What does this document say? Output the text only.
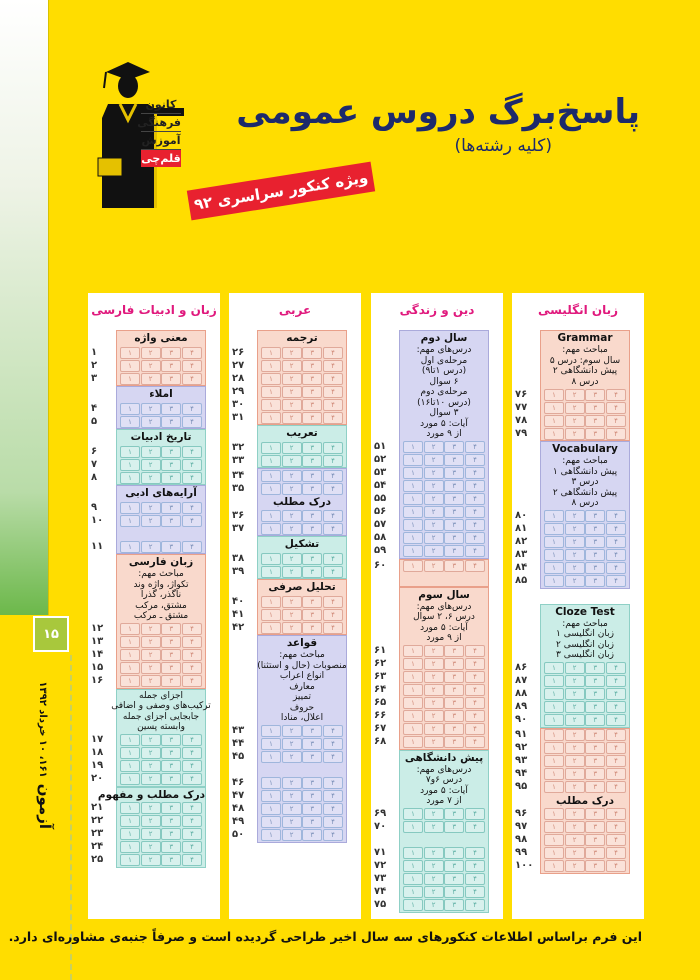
۱۵
آزمون۱۶۱، ۱۰ خرداد ۱۳۹۲
کانون
فرهنگی
آموزش
قلم‌چی
پاسخ‌برگ دروس عمومی
(کلیه رشته‌ها)
ویژه کنکور سراسری ۹۲
زبان و ادبیات فارسی
معنی واژه
۱	۱	۲	۳	۴
۲	۱	۲	۳	۴
۳	۱	۲	۳	۴
املاء
۴	۱	۲	۳	۴
۵	۱	۲	۳	۴
تاریخ ادبیات
۶	۱	۲	۳	۴
۷	۱	۲	۳	۴
۸	۱	۲	۳	۴
آرایه‌های ادبی
۹	۱	۲	۳	۴
۱۰	۱	۲	۳	۴
۱۱	۱	۲	۳	۴
زبان فارسی
مباحث مهم:
تکواژ، واژه وند
ناگذر، گذرا
مشتق، مرکب
مشتق ـ مرکب
۱۲	۱	۲	۳	۴
۱۳	۱	۲	۳	۴
۱۴	۱	۲	۳	۴
۱۵	۱	۲	۳	۴
۱۶	۱	۲	۳	۴
اجزای جمله
ترکیب‌های وصفی و اضافی
جابجایی اجزای جمله
وابسته پسین
۱۷	۱	۲	۳	۴
۱۸	۱	۲	۳	۴
۱۹	۱	۲	۳	۴
۲۰	۱	۲	۳	۴
درک مطلب و مفهوم
۲۱	۱	۲	۳	۴
۲۲	۱	۲	۳	۴
۲۳	۱	۲	۳	۴
۲۴	۱	۲	۳	۴
۲۵	۱	۲	۳	۴
عربی
ترجمه
۲۶	۱	۲	۳	۴
۲۷	۱	۲	۳	۴
۲۸	۱	۲	۳	۴
۲۹	۱	۲	۳	۴
۳۰	۱	۲	۳	۴
۳۱	۱	۲	۳	۴
تعریب
۳۲	۱	۲	۳	۴
۳۳	۱	۲	۳	۴
۳۴	۱	۲	۳	۴
۳۵	۱	۲	۳	۴
درک مطلب
۳۶	۱	۲	۳	۴
۳۷	۱	۲	۳	۴
تشکیل
۳۸	۱	۲	۳	۴
۳۹	۱	۲	۳	۴
تحلیل صرفی
۴۰	۱	۲	۳	۴
۴۱	۱	۲	۳	۴
۴۲	۱	۲	۳	۴
قواعد
مباحث مهم:
منصوبات (حال و استثنا)
انواع اعراب
معارف
تمییز
حروف
اعلال، منادا
۴۳	۱	۲	۳	۴
۴۴	۱	۲	۳	۴
۴۵	۱	۲	۳	۴
۴۶	۱	۲	۳	۴
۴۷	۱	۲	۳	۴
۴۸	۱	۲	۳	۴
۴۹	۱	۲	۳	۴
۵۰	۱	۲	۳	۴
دین و زندگی
سال دوم
درس‌های مهم:
مرحله‌ی اول
(درس ۱تا۹)
۶ سوال
مرحله‌ی دوم
(درس ۱۰تا۱۶)
۳ سوال
آیات: ۵ مورد
از ۹ مورد
۵۱	۱	۲	۳	۴
۵۲	۱	۲	۳	۴
۵۳	۱	۲	۳	۴
۵۴	۱	۲	۳	۴
۵۵	۱	۲	۳	۴
۵۶	۱	۲	۳	۴
۵۷	۱	۲	۳	۴
۵۸	۱	۲	۳	۴
۵۹	۱	۲	۳	۴
۶۰	۱	۲	۳	۴
سال سوم
درس‌های مهم:
درس ۶، ۲ سوال
آیات: ۵ مورد
از ۹ مورد
۶۱	۱	۲	۳	۴
۶۲	۱	۲	۳	۴
۶۳	۱	۲	۳	۴
۶۴	۱	۲	۳	۴
۶۵	۱	۲	۳	۴
۶۶	۱	۲	۳	۴
۶۷	۱	۲	۳	۴
۶۸	۱	۲	۳	۴
پیش دانشگاهی
درس‌های مهم:
درس ۶و۷
آیات: ۵ مورد
از ۷ مورد
۶۹	۱	۲	۳	۴
۷۰	۱	۲	۳	۴
۷۱	۱	۲	۳	۴
۷۲	۱	۲	۳	۴
۷۳	۱	۲	۳	۴
۷۴	۱	۲	۳	۴
۷۵	۱	۲	۳	۴
زبان انگلیسی
Grammar
مباحث مهم:
سال سوم: درس ۵
پیش دانشگاهی ۲
درس ۸
۷۶	۱	۲	۳	۴
۷۷	۱	۲	۳	۴
۷۸	۱	۲	۳	۴
۷۹	۱	۲	۳	۴
Vocabulary
مباحث مهم:
پیش دانشگاهی ۱
درس ۳
پیش دانشگاهی ۲
درس ۸
۸۰	۱	۲	۳	۴
۸۱	۱	۲	۳	۴
۸۲	۱	۲	۳	۴
۸۳	۱	۲	۳	۴
۸۴	۱	۲	۳	۴
۸۵	۱	۲	۳	۴
Cloze Test
مباحث مهم:
زبان انگلیسی ۱
زبان انگلیسی ۲
زبان انگلیسی ۳
۸۶	۱	۲	۳	۴
۸۷	۱	۲	۳	۴
۸۸	۱	۲	۳	۴
۸۹	۱	۲	۳	۴
۹۰	۱	۲	۳	۴
۹۱	۱	۲	۳	۴
۹۲	۱	۲	۳	۴
۹۳	۱	۲	۳	۴
۹۴	۱	۲	۳	۴
۹۵	۱	۲	۳	۴
درک مطلب
۹۶	۱	۲	۳	۴
۹۷	۱	۲	۳	۴
۹۸	۱	۲	۳	۴
۹۹	۱	۲	۳	۴
۱۰۰	۱	۲	۳	۴
این فرم براساس اطلاعات کنکورهای سه سال اخیر طراحی گردیده است و صرفاً جنبه‌ی مشاوره‌ای دارد.
